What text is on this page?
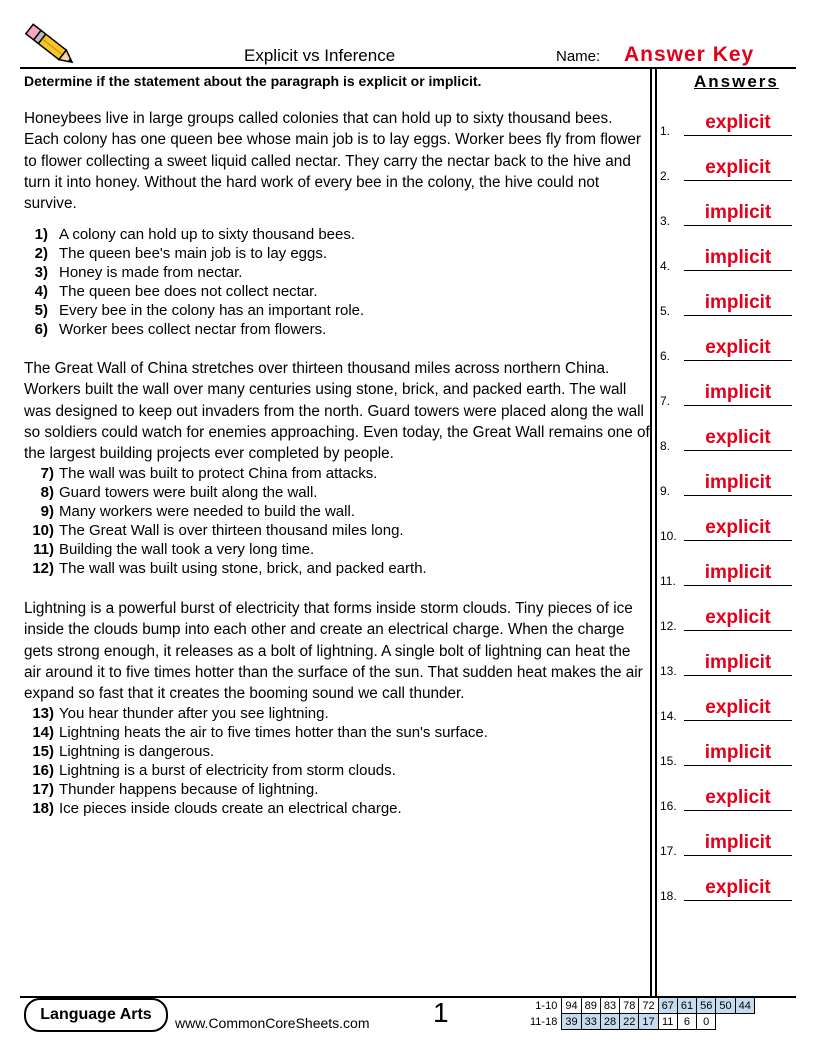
Explicit vs Inference	Name: Answer Key
Determine if the statement about the paragraph is explicit or implicit.	Answers
Honeybees live in large groups called colonies that can hold up to sixty thousand bees. Each colony has one queen bee whose main job is to lay eggs. Worker bees fly from flower to flower collecting a sweet liquid called nectar. They carry the nectar back to the hive and turn it into honey. Without the hard work of every bee in the colony, the hive could not survive.
1) A colony can hold up to sixty thousand bees.
2) The queen bee's main job is to lay eggs.
3) Honey is made from nectar.
4) The queen bee does not collect nectar.
5) Every bee in the colony has an important role.
6) Worker bees collect nectar from flowers.
The Great Wall of China stretches over thirteen thousand miles across northern China. Workers built the wall over many centuries using stone, brick, and packed earth. The wall was designed to keep out invaders from the north. Guard towers were placed along the wall so soldiers could watch for enemies approaching. Even today, the Great Wall remains one of the largest building projects ever completed by people.
7) The wall was built to protect China from attacks.
8) Guard towers were built along the wall.
9) Many workers were needed to build the wall.
10) The Great Wall is over thirteen thousand miles long.
11) Building the wall took a very long time.
12) The wall was built using stone, brick, and packed earth.
Lightning is a powerful burst of electricity that forms inside storm clouds. Tiny pieces of ice inside the clouds bump into each other and create an electrical charge. When the charge gets strong enough, it releases as a bolt of lightning. A single bolt of lightning can heat the air around it to five times hotter than the surface of the sun. That sudden heat makes the air expand so fast that it creates the booming sound we call thunder.
13) You hear thunder after you see lightning.
14) Lightning heats the air to five times hotter than the sun's surface.
15) Lightning is dangerous.
16) Lightning is a burst of electricity from storm clouds.
17) Thunder happens because of lightning.
18) Ice pieces inside clouds create an electrical charge.
1.	explicit
2.	explicit
3.	implicit
4.	implicit
5.	implicit
6.	explicit
7.	implicit
8.	explicit
9.	implicit
10.	explicit
11.	implicit
12.	explicit
13.	implicit
14.	explicit
15.	implicit
16.	explicit
17.	implicit
18.	explicit
Language Arts	www.CommonCoreSheets.com 1	1-10	94	89	83	78	72	67	61	56	50	44
11-18	39	33	28	22	17	11	6	0		
